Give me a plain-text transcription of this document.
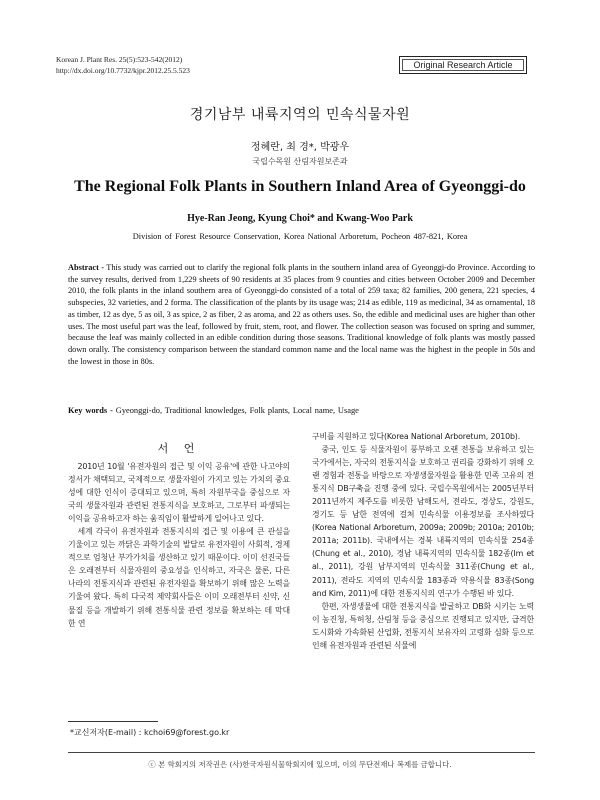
Korean J. Plant Res. 25(5):523-542(2012)
http://dx.doi.org/10.7732/kjpr.2012.25.5.523
Original Research Article
경기남부 내륙지역의 민속식물자원
정혜란, 최 경*, 박광우
국립수목원 산림자원보존과
The Regional Folk Plants in Southern Inland Area of Gyeonggi-do
Hye-Ran Jeong, Kyung Choi* and Kwang-Woo Park
Division of Forest Resource Conservation, Korea National Arboretum, Pocheon 487-821, Korea
Abstract - This study was carried out to clarify the regional folk plants in the southern inland area of Gyeonggi-do Province. According to the survey results, derived from 1,229 sheets of 90 residents at 35 places from 9 counties and cities between October 2009 and December 2010, the folk plants in the inland southern area of Gyeonggi-do consisted of a total of 259 taxa; 82 families, 200 genera, 221 species, 4 subspecies, 32 varieties, and 2 forma. The classification of the plants by its usage was; 214 as edible, 119 as medicinal, 34 as ornamental, 18 as timber, 12 as dye, 5 as oil, 3 as spice, 2 as fiber, 2 as aroma, and 22 as others uses. So, the edible and medicinal uses are higher than other uses. The most useful part was the leaf, followed by fruit, stem, root, and flower. The collection season was focused on spring and summer, because the leaf was mainly collected in an edible condition during those seasons. Traditional knowledge of folk plants was mostly passed down orally. The consistency comparison between the standard common name and the local name was the highest in the people in 50s and the lowest in those in 80s.
Key words - Gyeonggi-do, Traditional knowledges, Folk plants, Local name, Usage
서 언

2010년 10월 '유전자원의 접근 및 이익 공유'에 관한 나고야의정서가 채택되고, 국제적으로 생물자원이 가지고 있는 가치의 중요성에 대한 인식이 증대되고 있으며, 특히 자원부국을 중심으로 자국의 생물자원과 관련된 전통지식을 보호하고, 그로부터 파생되는 이익을 공유하고자 하는 움직임이 활발하게 일어나고 있다.

세계 각국이 유전자원과 전통지식의 접근 및 이용에 큰 관심을 기울이고 있는 까닭은 과학기술의 발달로 유전자원이 사회적, 경제적으로 엄청난 부가가치를 생산하고 있기 때문이다. 이미 선진국들은 오래전부터 식물자원의 중요성을 인식하고, 자국은 물론, 다른 나라의 전통지식과 관련된 유전자원을 확보하기 위해 많은 노력을 기울여 왔다. 특히 다국적 제약회사들은 이미 오래전부터 신약, 신물질 등을 개발하기 위해 전통식물 관련 정보를 확보하는 데 막대한 연

구비를 지원하고 있다(Korea National Arboretum, 2010b).

중국, 인도 등 식물자원이 풍부하고 오랜 전통을 보유하고 있는 국가에서는, 자국의 전통지식을 보호하고 권리를 강화하기 위해 오랜 경험과 전통을 바탕으로 자생생물자원을 활용한 민족 고유의 전통지식 DB구축을 진행 중에 있다. 국립수목원에서는 2005년부터 2011년까지 제주도를 비롯한 남해도서, 전라도, 경상도, 강원도, 경기도 등 남한 전역에 걸쳐 민속식물 이용정보를 조사하였다(Korea National Arboretum, 2009a; 2009b; 2010a; 2010b; 2011a; 2011b). 국내에서는 경북 내륙지역의 민속식물 254종(Chung et al., 2010), 경남 내륙지역의 민속식물 182종(Im et al., 2011), 강원 남부지역의 민속식물 311종(Chung et al., 2011), 전라도 지역의 민속식물 183종과 약용식물 83종(Song and Kim, 2011)에 대한 전통지식의 연구가 수행된 바 있다.

한편, 자생생물에 대한 전통지식을 발굴하고 DB화 시키는 노력이 농진청, 특허청, 산림청 등을 중심으로 진행되고 있지만, 급격한 도시화와 가속화된 산업화, 전통지식 보유자의 고령화 심화 등으로 인해 유전자원과 관련된 식물에

*교신저자(E-mail) : kchoi69@forest.go.kr
ⓒ 본 학회지의 저작권은 (사)한국자원식물학회지에 있으며, 이의 무단전재나 복제를 금합니다.
